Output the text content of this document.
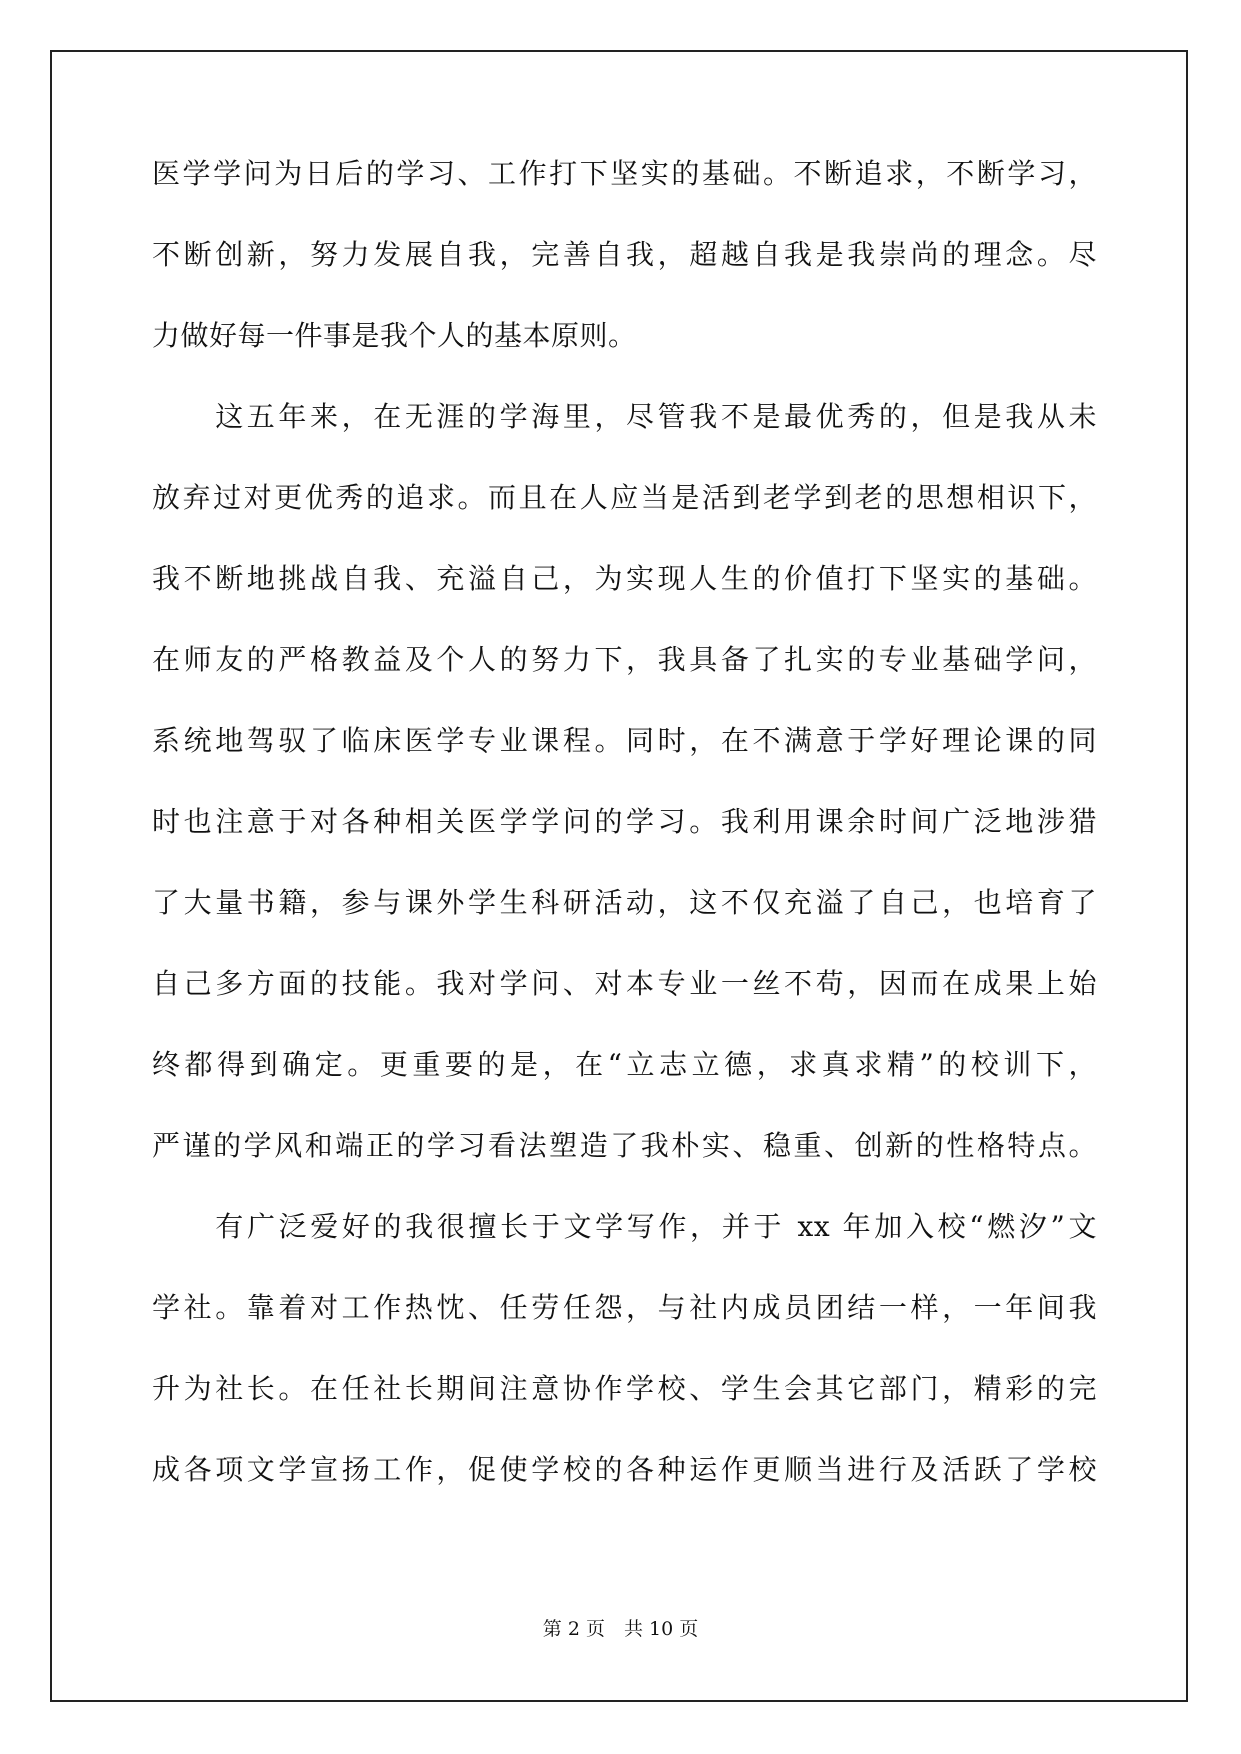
医学学问为日后的学习、工作打下坚实的基础。不断追求，不断学习，
不断创新，努力发展自我，完善自我，超越自我是我崇尚的理念。尽
力做好每一件事是我个人的基本原则。
　　这五年来，在无涯的学海里，尽管我不是最优秀的，但是我从未
放弃过对更优秀的追求。而且在人应当是活到老学到老的思想相识下，
我不断地挑战自我、充溢自己，为实现人生的价值打下坚实的基础。
在师友的严格教益及个人的努力下，我具备了扎实的专业基础学问，
系统地驾驭了临床医学专业课程。同时，在不满意于学好理论课的同
时也注意于对各种相关医学学问的学习。我利用课余时间广泛地涉猎
了大量书籍，参与课外学生科研活动，这不仅充溢了自己，也培育了
自己多方面的技能。我对学问、对本专业一丝不苟，因而在成果上始
终都得到确定。更重要的是，在“立志立德，求真求精”的校训下，
严谨的学风和端正的学习看法塑造了我朴实、稳重、创新的性格特点。
　　有广泛爱好的我很擅长于文学写作，并于 xx 年加入校“燃汐”文
学社。靠着对工作热忱、任劳任怨，与社内成员团结一样，一年间我
升为社长。在任社长期间注意协作学校、学生会其它部门，精彩的完
成各项文学宣扬工作，促使学校的各种运作更顺当进行及活跃了学校
第 2 页　共 10 页
